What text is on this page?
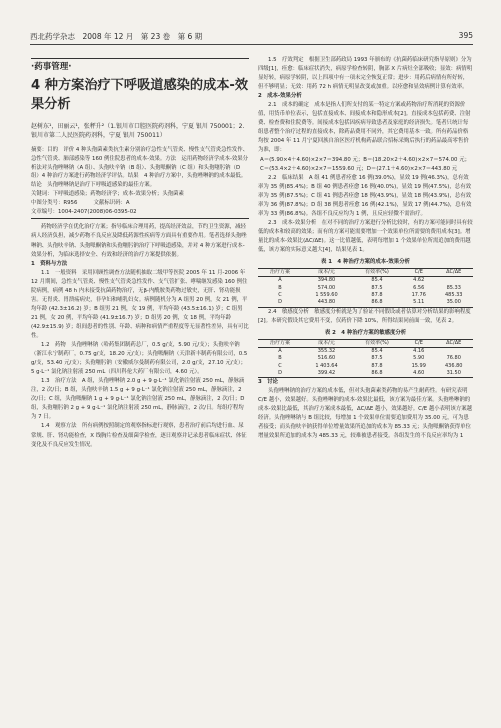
西北药学杂志　2008 年 12 月　第 23 卷　第 6 期	395
·药事管理·
4 种方案治疗下呼吸道感染的成本-效果分析
赵树东¹，田丽云¹，张秤升²（1.银川市口腔医院药剂科，宁夏 银川 750001；2.银川市第二人民医院药剂科，宁夏 银川 750011）

摘要：目的　评价 4 种头孢菌素类抗生素分别治疗急性支气管炎、慢性支气管炎急性发作、急性气管炎、肺部感染等 160 例住院患者的成本-效果。方法　运用药物经济学成本-效果分析法对头孢唑啉钠（A 组）、头孢呋辛钠（B 组）、头孢哌酮钠（C 组）和头孢噻肟钠（D 组）4 种治疗方案进行药物经济学评估。结果　4 种治疗方案中，头孢唑啉钠的成本最低。结论　头孢唑啉钠是治疗下呼吸道感染的最佳方案。

关键词：下呼吸道感染；药物经济学；成本-效果分析；头孢菌素

中图分类号：R956　　　文献标识码：A

文章编号：1004-2407(2008)06-0395-02

药物经济学在优化治疗方案；指导临床合理用药，提高经济效益，节约卫生资源，减轻病人经济负担，减少药物不良反应及降低药源性疾病等方面具有重要作用。笔者选择头孢唑啉钠、头孢呋辛钠、头孢哌酮钠和头孢噻肟钠治疗下呼吸道感染，并对 4 种方案进行成本-效果分析，为临床选择安全、有效和经济的治疗方案提供依据。

1　资料与方法

1.1　一般资料　采用回顾性调查方法随机抽取二级甲等医院 2005 年 11 月-2006 年 12 月期间，急性支气管炎、慢性支气管炎急性发作、支气管扩张、哮喘继发感染 160 例住院病例，病例 48 h 内未接受抗菌药物治疗，无β-内酰胺类药物过敏史，无肝、肾功能损害。无胃炎、胃溃疡病史，非孕妇和哺乳妇女。病例随机分为 A 组男 20 例，女 21 例，平均年龄 (42.3±16.2) 岁；B 组男 21 例，女 19 例，平均年龄 (43.5±16.1) 岁；C 组男 21 例，女 20 例，平均年龄 (41.9±16.7) 岁；D 组男 20 例，女 18 例，平均年龄 (42.9±15.9) 岁；组间患者的性别、年龄、病种和病情严重程度等无显著性差异，具有可比性。

1.2　药物　头孢唑啉钠（哈药集团制药总厂，0.5 g/支，5.90 元/支）；头孢呋辛钠（浙江永宁制药厂，0.75 g/支，18.20 元/支）；头孢哌酮钠（天津新丰制药有限公司，0.5 g/支，53.40 元/支）；头孢噻肟钠（安徽威尔曼制药有限公司，2.0 g/支，27.10 元/支）；5 g·L⁻¹ 氯化钠注射液 250 mL（四川科伦大药厂有限公司，4.60 元）。

1.3　治疗方法　A 组，头孢唑啉钠 2.0 g + 9 g·L⁻¹ 氯化钠注射液 250 mL，静脉滴注，2 次/日；B 组，头孢呋辛钠 1.5 g + 9 g·L⁻¹ 氯化钠注射液 250 mL，静脉滴注，2 次/日；C 组，头孢哌酮钠 1 g + 9 g·L⁻¹ 氯化钠注射液 250 mL，静脉滴注，2 次/日；D 组，头孢噻肟钠 2 g + 9 g·L⁻¹ 氯化钠注射液 250 mL，静脉滴注，2 次/日。每组疗程均为 7 日。

1.4　观察方法　所有病例按照制定的观察指标进行观察，患者治疗前后均进行血、尿常规、肝、肾功能检查，X 线胸片检查及细菌学检查，逐日观察并记录患者临床症状、体征变化及不良反应发生情况。

1.5　疗效判定　根据卫生部药政局 1993 年颁布的《抗菌药临床研究指导原则》分为四级[1]，痊愈：临床症状消失，病原学检查转阴，胸部 X 片病灶全部吸收；显效：病情明显好转，病原学转阴，以上四项中有一项未完全恢复正常；进步：用药后病情有所好转，但不够明显；无效：用药 72 h 病情无明显改变或加重。以痊愈和显效病例计算有效率。

2　成本-效果分析

2.1　成本的确定　成本是指人们所支付的某一特定方案或药物治疗所消耗的资源价值，用货币单位表示，包括直接成本、间接成本和隐形成本[2]。直接成本包括药费、注射费、检查费和住院费等。间接成本包括因疾病导致患者及家庭的经济损失。笔者只统计每组患者整个治疗过程的直接成本，除药品费用不同外，其它费用基本一致。所有药品价格均按 2004 年 11 月宁夏回族自治区医疗机构药品联合招标采购后执行的药品最高零售价为准，即：

A＝(5.90×4＋4.60)×2×7＝394.80 元；B＝(18.20×2＋4.60)×2×7＝574.00 元；C＝(53.4×2＋4.60)×2×7＝1559.60 元；D＝(27.1＋4.60)×2×7＝443.80 元

2.2　临床结果　A 组 41 例患者痊愈 16 例(39.0%)，显效 19 例(46.3%)，总有效率为 35 例(85.4%)；B 组 40 例患者痊愈 16 例(40.0%)，显效 19 例(47.5%)，总有效率为 35 例(87.5%)；C 组 41 例患者痊愈 18 例(43.9%)，显效 18 例(43.9%)，总有效率为 36 例(87.8%)；D 组 38 例患者痊愈 16 例(42.1%)，显效 17 例(44.7%)，总有效率为 33 例(86.8%)。各组不良反应均为 1 例，且反应轻微不需治疗。

2.3　成本-效果分析　在对不同的治疗方案进行分析比较时，有的方案可能同时具有较低的成本和较高的效果；而有的方案可能需要增加一个效果单位所需要的费用成本[3]。增量比的成本-效果比(ΔC/ΔE)。这一比值越低，表明每增加 1 个效果单位所需追加的费用越低，该方案的实际意义越大[4]，结果见表 1。

表 1　4 种治疗方案的成本-效果分析
治疗方案	成本/元	有效率(%)	C/E	ΔC/ΔE
A	394.80	85.4	4.62	
B	574.00	87.5	6.56	85.33
C	1 559.60	87.8	17.76	485.33
D	443.80	86.8	5.11	35.00

2.4　敏感度分析　敏感度分析就是为了验证不同假设或者估算对分析结果的影响程度[2]。本研究假设其它费用不变，仅药价下降 10%，所得结果同前面一致，见表 2。

表 2　4 种治疗方案的敏感度分析
治疗方案	成本/元	有效率(%)	C/E	ΔC/ΔE
A	355.32	85.4	4.16	
B	516.60	87.5	5.90	76.80
C	1 403.64	87.8	15.99	436.80
D	399.42	86.8	4.60	31.50

3　讨论

头孢唑啉钠的治疗方案的成本低，但对头孢菌素类药物的易产生耐药性。有研究表明 C/E 越小，效果越好。头孢唑啉钠的成本-效果比最低，该方案为最佳方案。头孢唑啉钠的成本-效果比最低，其治疗方案成本最低，ΔC/ΔE 越小，效果越好。C/E 越小表明该方案越经济。头孢唑啉钠与 B 组比较，每增加 1 个效果单位需要追加费用为 35.00 元，可为患者接受；而头孢呋辛钠获得单位增量效果所追加的成本为 85.33 元；头孢哌酮钠获得单位增量效果所追加的成本为 485.33 元，较难被患者接受。各组发生的不良反应率均为 1
